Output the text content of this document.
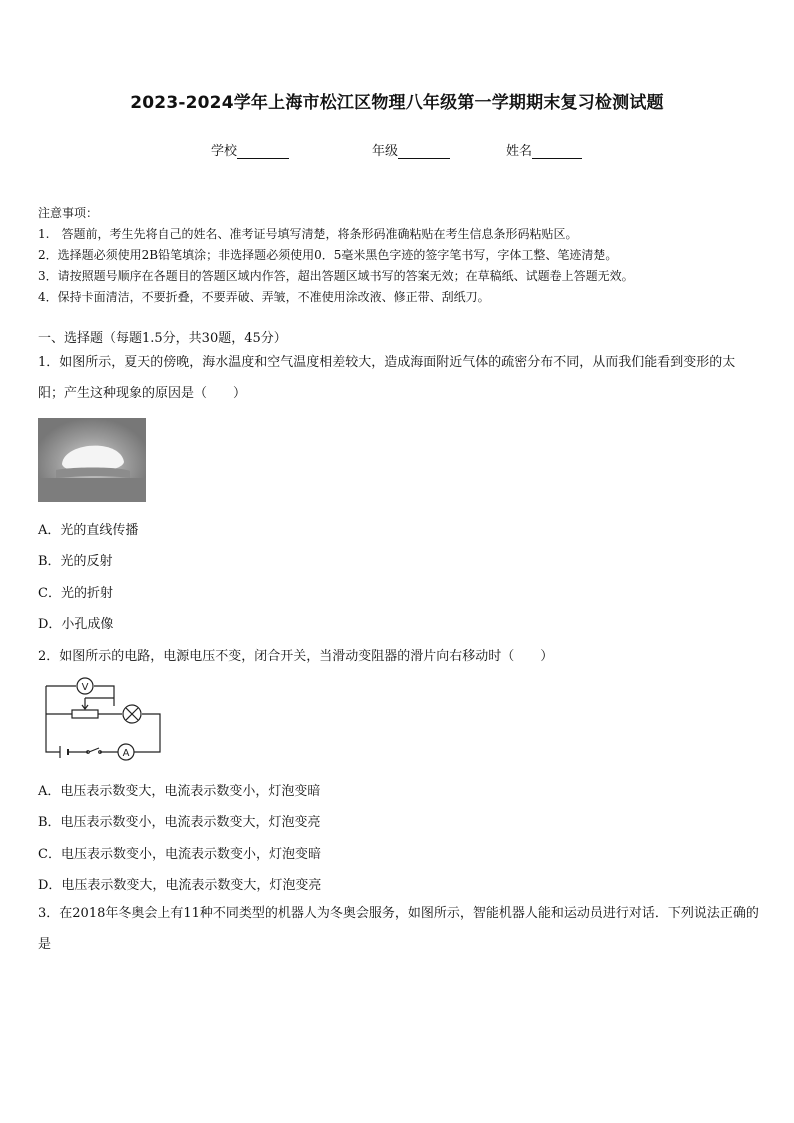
2023-2024学年上海市松江区物理八年级第一学期期末复习检测试题
学校	年级	姓名
注意事项：
1.　答题前，考生先将自己的姓名、准考证号填写清楚，将条形码准确粘贴在考生信息条形码粘贴区。
2．选择题必须使用2B铅笔填涂；非选择题必须使用0．5毫米黑色字迹的签字笔书写，字体工整、笔迹清楚。
3．请按照题号顺序在各题目的答题区域内作答，超出答题区域书写的答案无效；在草稿纸、试题卷上答题无效。
4．保持卡面清洁，不要折叠，不要弄破、弄皱，不准使用涂改液、修正带、刮纸刀。
一、选择题（每题1.5分，共30题，45分）
1．如图所示，夏天的傍晚，海水温度和空气温度相差较大，造成海面附近气体的疏密分布不同，从而我们能看到变形的太阳；产生这种现象的原因是（　　）
A．光的直线传播
B．光的反射
C．光的折射
D．小孔成像
2．如图所示的电路，电源电压不变，闭合开关，当滑动变阻器的滑片向右移动时（　　）
V
A
A．电压表示数变大，电流表示数变小，灯泡变暗
B．电压表示数变小，电流表示数变大，灯泡变亮
C．电压表示数变小，电流表示数变小，灯泡变暗
D．电压表示数变大，电流表示数变大，灯泡变亮
3．在2018年冬奥会上有11种不同类型的机器人为冬奥会服务，如图所示，智能机器人能和运动员进行对话．下列说法正确的是
